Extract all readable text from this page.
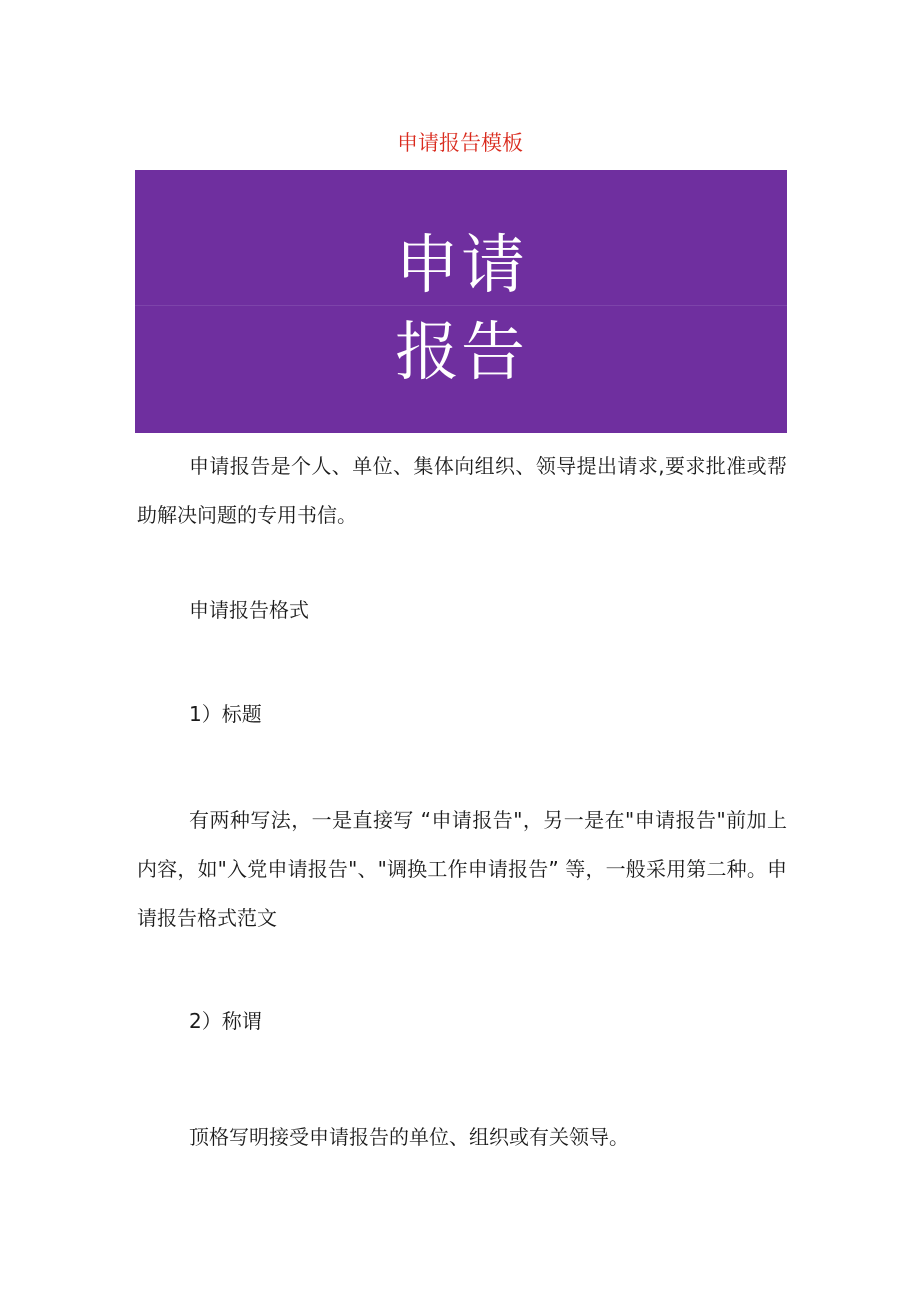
申请报告模板
申请
报告

申请报告是个人、单位、集体向组织、领导提出请求,要求批准或帮助解决问题的专用书信。

申请报告格式

1）标题

有两种写法，一是直接写 “申请报告"，另一是在"申请报告"前加上内容，如"入党申请报告"、"调换工作申请报告” 等，一般采用第二种。申请报告格式范文

2）称谓

顶格写明接受申请报告的单位、组织或有关领导。
